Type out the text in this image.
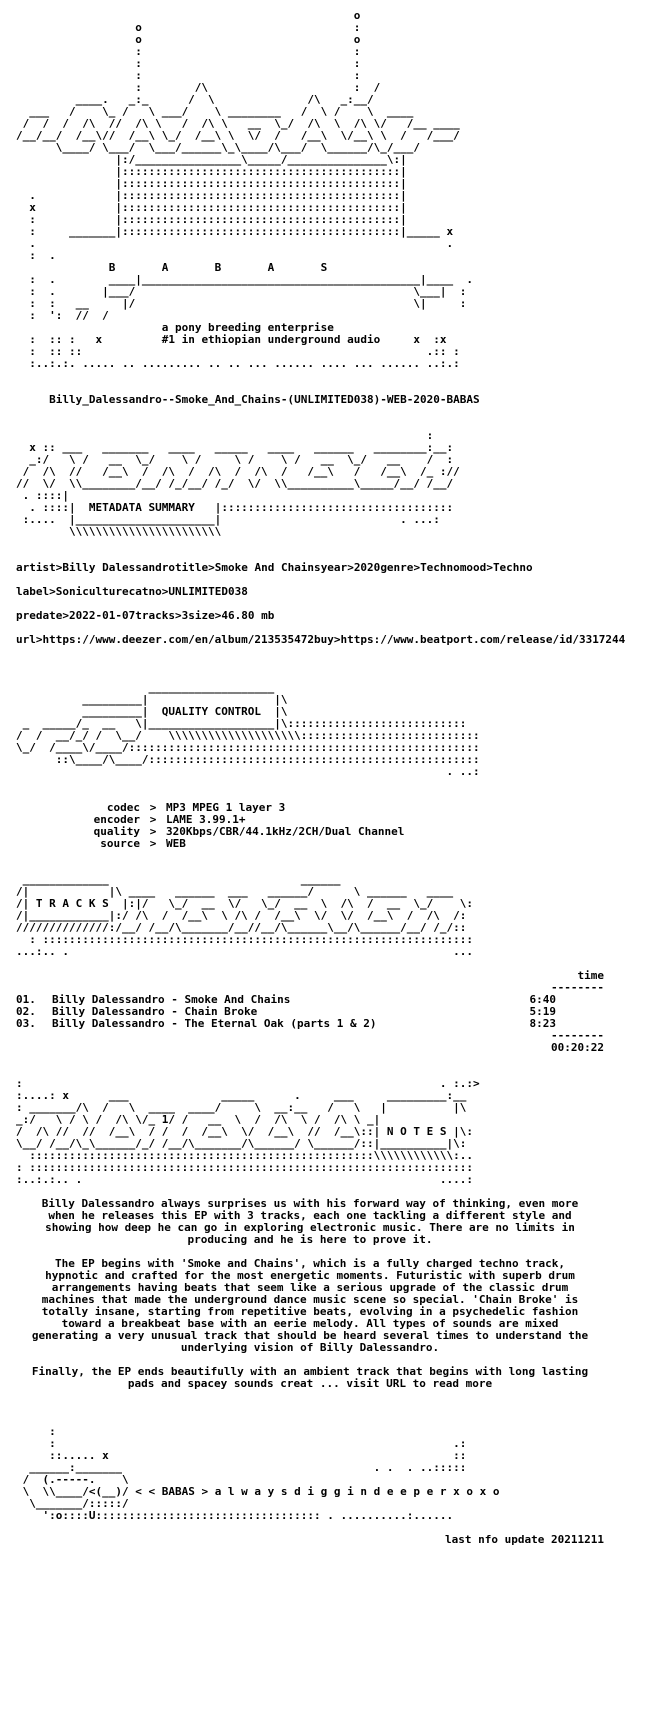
o
o                                :
o                                o
:                                :
:                                :
:                                :
:        /\                      :  /
____.   _:_      /  \              /\   _:__/
___   /    \_ /   \ ___/    \ ________   /  \ /    \  ____
/  /  /  /\  //  /\ \   /  /\ \   __  \_/  /\  \  /\ \/   /__ ____
/__/__/  /__\//  /__\ \_/  /__\ \  \/  /   /__\  \/__\ \  /   /___/
\____/ \___/  \___/______\_\____/\___/  \______/\_/___/
|:/________________\_____/_______________\:|
|::::::::::::::::::::::::::::::::::::::::::|
|::::::::::::::::::::::::::::::::::::::::::|
.            |::::::::::::::::::::::::::::::::::::::::::|
x            |::::::::::::::::::::::::::::::::::::::::::|
:            |::::::::::::::::::::::::::::::::::::::::::|
:     _______|::::::::::::::::::::::::::::::::::::::::::|_____ x
.                                                              .
:  .
B       A       B       A       S
:  .        ____|__________________________________________|____  .
:  .       |___/                                          \___|  :
:  :   __     |/                                          \|     :
:  ':  //  /
a pony breeding enterprise
:  :: :   x         #1 in ethiopian underground audio     x  :x
:  :: ::                                                    .:: :
:..:.:. ..... .. ......... .. .. ... ...... .... ... ...... ..:.:
Billy_Dalessandro--Smoke_And_Chains-(UNLIMITED038)-WEB-2020-BABAS
:
x :: ___   _______   ____   _____   ____   ______   ________:__:
_:/   \ /   __  \_/    \ /     \ /    \ /   __  \_/   __    /  :
/  /\  //   /__\  /  /\  /  /\  /  /\  /   /__\   /   /__\  /_ ://
//  \/  \\________/__/ /_/__/ /_/  \/  \\__________\_____/__/ /__/
. ::::|
. ::::|  METADATA SUMMARY   |:::::::::::::::::::::::::::::::::::
:....  |_____________________|                           . ...:
\\\\\\\\\\\\\\\\\\\\\\\
artist>Billy Dalessandrotitle>Smoke And Chainsyear>2020genre>Technomood>Techno
label>Soniculturecatno>UNLIMITED038
predate>2022-01-07tracks>3size>46.80 mb
url>https://www.deezer.com/en/album/213535472buy>https://www.beatport.com/release/id/3317244
___________________
_________|                   |\
_________|  QUALITY CONTROL  |\
_  _____/_  __   \|___________________|\:::::::::::::::::::::::::::
/  /  __/_/ /  \__/    \\\\\\\\\\\\\\\\\\\\:::::::::::::::::::::::::::
\_/  /____\/____/:::::::::::::::::::::::::::::::::::::::::::::::::::::
::\____/\____/::::::::::::::::::::::::::::::::::::::::::::::::::
. ..:
codec > MP3 MPEG 1 layer 3
encoder > LAME 3.99.1+
quality > 320Kbps/CBR/44.1kHz/2CH/Dual Channel
source > WEB
_____________                             ______
/|            |\ ____   ______  ___   ______/      \ ______   ____
/| T R A C K S  |:|/   \_/  __  \/   \_/  __  \  /\  /  __  \_/    \:
/|____________|:/ /\  /  /__\  \ /\ /  /__\  \/  \/  /__\  /  /\  /:
//////////////:/__/ /__/\_______/__//__/\______\__/\______/__/ /_/::
: :::::::::::::::::::::::::::::::::::::::::::::::::::::::::::::::::
...:.. .                                                          ...
time
--------
01. Billy Dalessandro - Smoke And Chains	6:40
02. Billy Dalessandro - Chain Broke	5:19
03. Billy Dalessandro - The Eternal Oak (parts 1 & 2)	8:23
--------
00:20:22
:                                                               . :.:>
:....: x      ___              _____      .     ___     _________:__
: _______/\  /   \  ____  ____/     \  __:__   /   \   |          |\
_:/   \ / \ /  /\ \/_ 1/ /   __  \  /  /\  \ /  /\ \ _|
/  /\ //  //  /__\  / /  /  /__\  \/  /__\  //  /__\::| N O T E S |\:
\__/ /__/\_\______/_/ /__/\_______/\______/ \______/::|__________|\:
::::::::::::::::::::::::::::::::::::::::::::::::::::\\\\\\\\\\\\:..
: :::::::::::::::::::::::::::::::::::::::::::::::::::::::::::::::::::
:..:.:.. .                                                      ....:
Billy Dalessandro always surprises us with his forward way of thinking, even more when he releases this EP with 3 tracks, each one tackling a different style and showing how deep he can go in exploring electronic music. There are no limits in producing and he is here to prove it.
The EP begins with 'Smoke and Chains', which is a fully charged techno track, hypnotic and crafted for the most energetic moments. Futuristic with superb drum arrangements having beats that seem like a serious upgrade of the classic drum machines that made the underground dance music scene so special. 'Chain Broke' is totally insane, starting from repetitive beats, evolving in a psychedelic fashion toward a breakbeat base with an eerie melody. All types of sounds are mixed generating a very unusual track that should be heard several times to understand the underlying vision of Billy Dalessandro.
Finally, the EP ends beautifully with an ambient track that begins with long lasting pads and spacey sounds creat ... visit URL to read more
:
:                                                            .:
::..... x                                                    ::
______:_______                                      . .  . ..:::::
/  (.-----.    \
\  \\____/<(__)/ < < BABAS > a l w a y s d i g g i n d e e p e r x o x o
\_______/:::::/
':o::::U:::::::::::::::::::::::::::::::::: . ..........:......
last nfo update 20211211
